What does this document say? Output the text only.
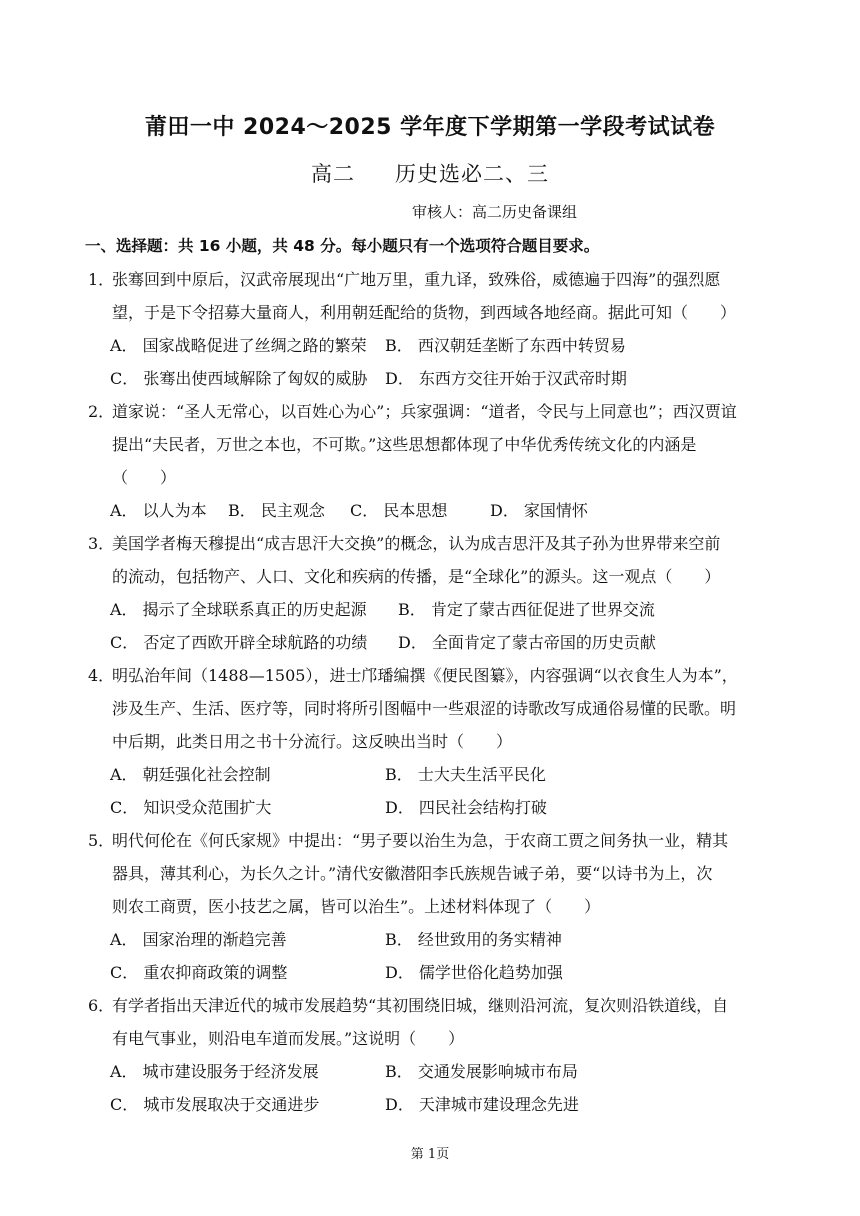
莆田一中 2024～2025 学年度下学期第一学段考试试卷
高二 历史选必二、三
审核人：高二历史备课组
一、选择题：共 16 小题，共 48 分。每小题只有一个选项符合题目要求。
1．
张骞回到中原后，汉武帝展现出“广地万里，重九译，致殊俗，威德遍于四海”的强烈愿
望，于是下令招募大量商人，利用朝廷配给的货物，到西域各地经商。据此可知（　　）
A． 国家战略促进了丝绸之路的繁荣 B． 西汉朝廷垄断了东西中转贸易
C． 张骞出使西域解除了匈奴的威胁 D． 东西方交往开始于汉武帝时期
2．
道家说：“圣人无常心，以百姓心为心”；兵家强调：“道者，令民与上同意也”；西汉贾谊
提出“夫民者，万世之本也，不可欺。”这些思想都体现了中华优秀传统文化的内涵是
（　　）
A． 以人为本 B． 民主观念 C． 民本思想	D． 家国情怀
3．
美国学者梅天穆提出“成吉思汗大交换”的概念，认为成吉思汗及其子孙为世界带来空前
的流动，包括物产、人口、文化和疾病的传播，是“全球化”的源头。这一观点（　　）
A． 揭示了全球联系真正的历史起源 B． 肯定了蒙古西征促进了世界交流
C． 否定了西欧开辟全球航路的功绩 D． 全面肯定了蒙古帝国的历史贡献
4．
明弘治年间（1488—1505），进士邝璠编撰《便民图纂》，内容强调“以衣食生人为本”，
涉及生产、生活、医疗等，同时将所引图幅中一些艰涩的诗歌改写成通俗易懂的民歌。明
中后期，此类日用之书十分流行。这反映出当时（　　）
A． 朝廷强化社会控制	B． 士大夫生活平民化
C． 知识受众范围扩大	D． 四民社会结构打破
5．
明代何伦在《何氏家规》中提出：“男子要以治生为急，于农商工贾之间务执一业，精其
器具，薄其利心，为长久之计。”清代安徽潜阳李氏族规告诫子弟，要“以诗书为上，次
则农工商贾，医小技艺之属，皆可以治生”。上述材料体现了（　　）
A． 国家治理的渐趋完善	B． 经世致用的务实精神
C． 重农抑商政策的调整	D． 儒学世俗化趋势加强
6．
有学者指出天津近代的城市发展趋势“其初围绕旧城，继则沿河流，复次则沿铁道线，自
有电气事业，则沿电车道而发展。”这说明（　　）
A． 城市建设服务于经济发展	B． 交通发展影响城市布局
C． 城市发展取决于交通进步	D． 天津城市建设理念先进
第 1页
